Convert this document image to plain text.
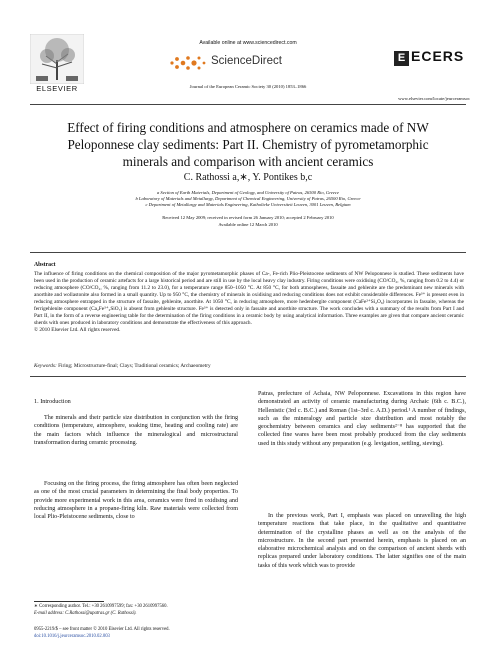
ELSEVIER
Available online at www.sciencedirect.com
ScienceDirect
Journal of the European Ceramic Society 30 (2010) 1853–1866
E ECERS
www.elsevier.com/locate/jeurceramsoc
Effect of firing conditions and atmosphere on ceramics made of NW
Peloponnese clay sediments: Part II. Chemistry of pyrometamorphic
minerals and comparison with ancient ceramics
C. Rathossi a,∗, Y. Pontikes b,c
a Section of Earth Materials, Department of Geology, and University of Patras, 26500 Rio, Greece
b Laboratory of Materials and Metallurgy, Department of Chemical Engineering, University of Patras, 26500 Rio, Greece
c Department of Metallurgy and Materials Engineering, Katholieke Universiteit Leuven, 3001 Leuven, Belgium
Received 12 May 2009; received in revised form 26 January 2010; accepted 2 February 2010
Available online 12 March 2010
Abstract
The influence of firing conditions on the chemical composition of the major pyrometamorphic phases of Ca-, Fe-rich Plio-Pleistocene sediments of NW Peloponnese is studied. These sediments have been used in the production of ceramic artefacts for a large historical period and are still in use by the local heavy clay industry. Firing conditions were oxidising (CO/CO₂, %, ranging from 0.2 to 4.4) or reducing atmosphere (CO/CO₂, %, ranging from 11.2 to 23.0), for a temperature range 850–1050 °C. At 850 °C, for both atmospheres, fassaite and gehlenite are the predominant new minerals with anorthite and wollastonite also formed in a small quantity. Up to 950 °C, the chemistry of minerals in oxidising and reducing conditions does not exhibit considerable differences. Fe³⁺ is present even in reducing atmosphere entrapped in the structure of fassaite, gehlenite, anorthite. At 1050 °C, in reducing atmosphere, more hedenbergite component (CaFe²⁺Si₂O₆) incorporates in fassaite, whereas the ferrigehlenite component (Ca₂Fe³⁺₂SiO₇) is absent from gehlenite structure. Fe³⁺ is detected only in fassaite and anorthite structure. The work concludes with a summary of the results from Part I and Part II, in the form of a reverse engineering table for the determination of the firing conditions in a ceramic body by using analytical information. Three examples are given that compare ancient ceramic sherds with ones produced in laboratory conditions and demonstrate the effectiveness of this approach.
© 2010 Elsevier Ltd. All rights reserved.
Keywords: Firing; Microstructure-final; Clays; Traditional ceramics; Archaeometry
1. Introduction
The minerals and their particle size distribution in conjunction with the firing conditions (temperature, atmosphere, soaking time, heating and cooling rate) are the main factors which influence the mineralogical and microstructural transformation during ceramic processing.
Focusing on the firing process, the firing atmosphere has often been neglected as one of the most crucial parameters in determining the final body properties. To provide more experimental work in this area, ceramics were fired in oxidising and reducing atmosphere in a propane-firing kiln. Raw materials were collected from local Plio-Pleistocene sediments, close to
Patras, prefecture of Achaia, NW Peloponnese. Excavations in this region have demonstrated an activity of ceramic manufacturing during Archaic (6th c. B.C.), Hellenistic (3rd c. B.C.) and Roman (1st–3rd c. A.D.) period.¹ A number of findings, such as the mineralogy and particle size distribution and most notably the geochemistry between ceramics and clay sediments²⁻⁸ has supported that the collected fine wares have been most probably produced from the clay sediments used in this study without any preparation (e.g. levigation, settling, sieving).
In the previous work, Part I, emphasis was placed on unravelling the high temperature reactions that take place, in the qualitative and quantitative determination of the crystalline phases as well as on the analysis of the microstructure. In the second part presented herein, emphasis is placed on an elaborative microchemical analysis and on the comparison of ancient sherds with replicas prepared under laboratory conditions. The latter signifies one of the main tasks of this work which was to provide
∗ Corresponding author. Tel.: +30 2610997599; fax: +30 2610997560.
E-mail address: C.Rathossi@upatras.gr (C. Rathossi).
0955-2219/$ – see front matter © 2010 Elsevier Ltd. All rights reserved.
doi:10.1016/j.jeurceramsoc.2010.02.003
